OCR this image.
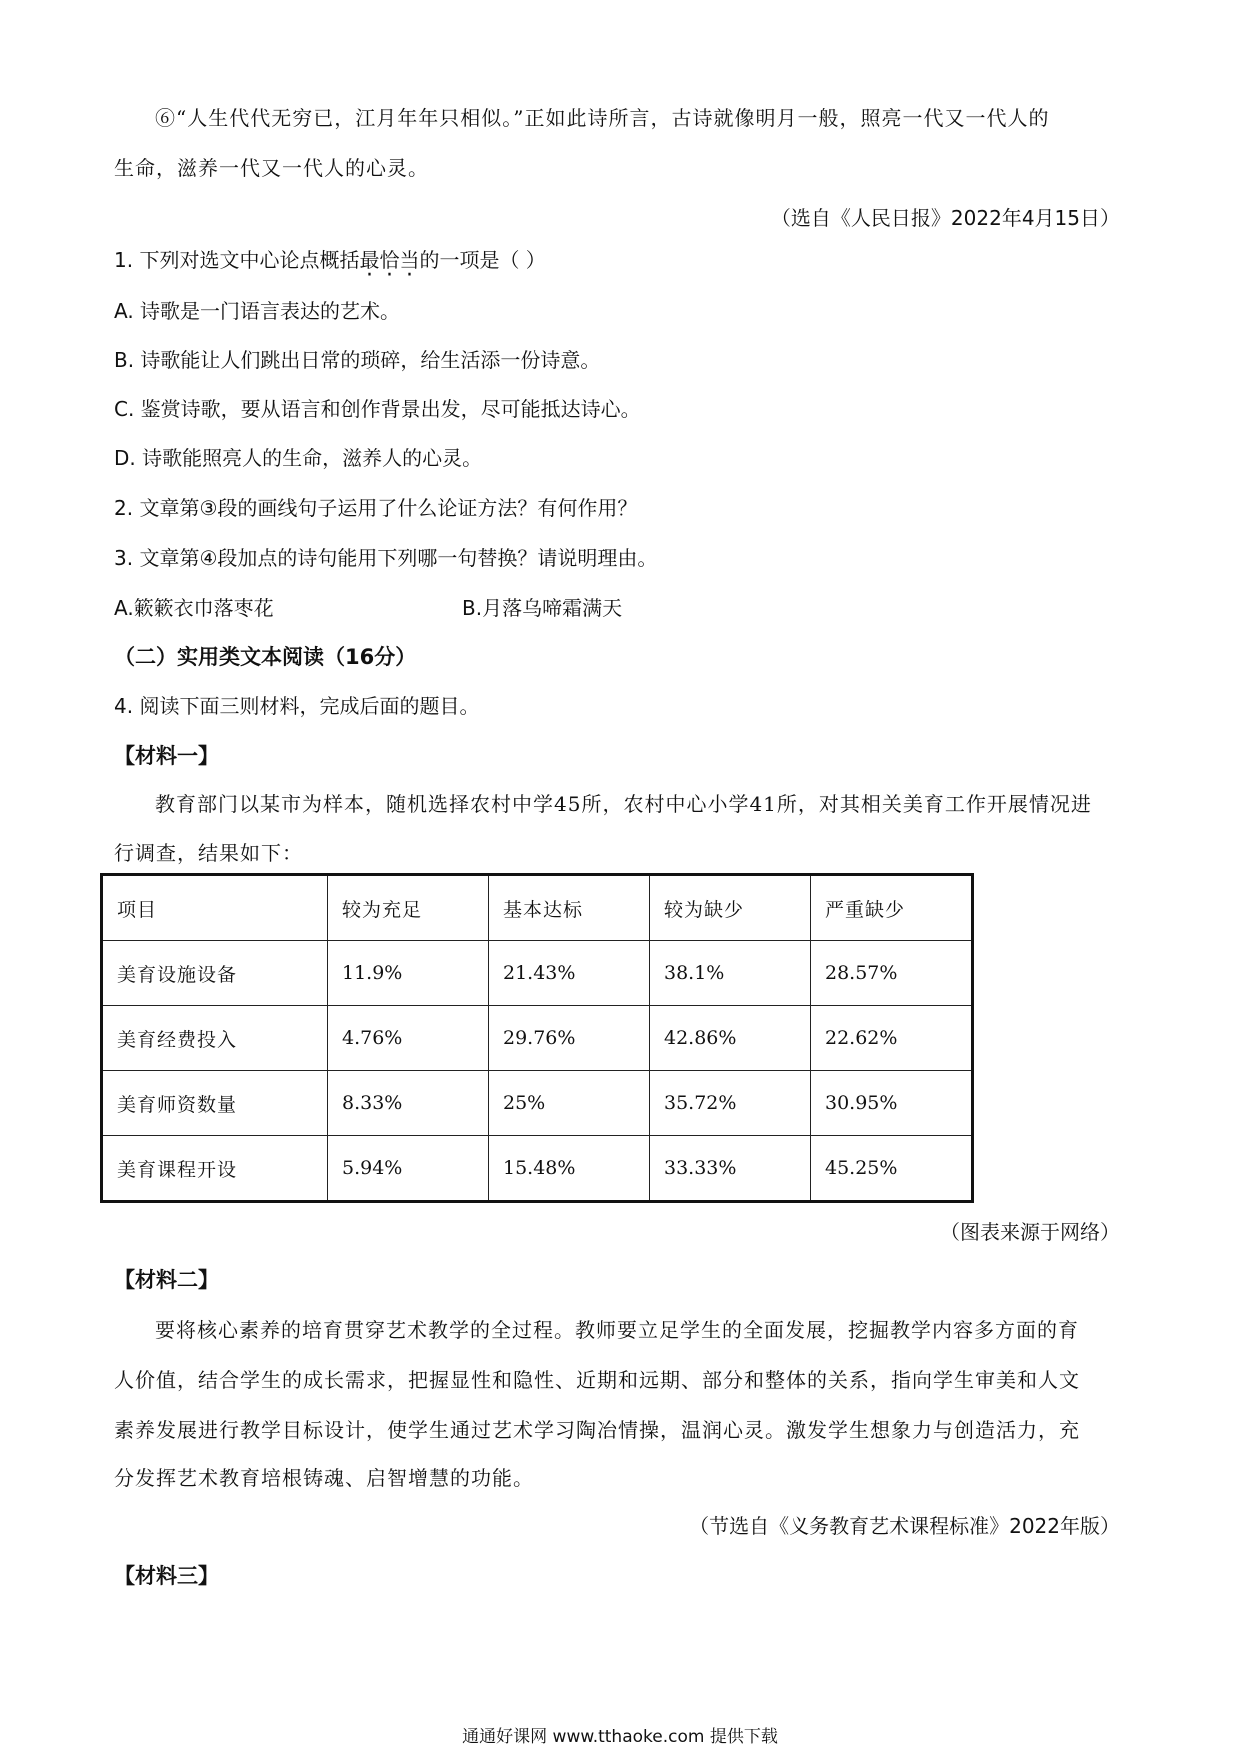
⑥“人生代代无穷已，江月年年只相似。”正如此诗所言，古诗就像明月一般，照亮一代又一代人的
生命，滋养一代又一代人的心灵。
（选自《人民日报》2022年4月15日）
1. 下列对选文中心论点概括最恰当的一项是（ ）
A. 诗歌是一门语言表达的艺术。
B. 诗歌能让人们跳出日常的琐碎，给生活添一份诗意。
C. 鉴赏诗歌，要从语言和创作背景出发，尽可能抵达诗心。
D. 诗歌能照亮人的生命，滋养人的心灵。
2. 文章第③段的画线句子运用了什么论证方法？有何作用？
3. 文章第④段加点的诗句能用下列哪一句替换？请说明理由。
A.簌簌衣巾落枣花	B.月落乌啼霜满天
（二）实用类文本阅读（16分）
4. 阅读下面三则材料，完成后面的题目。
【材料一】
教育部门以某市为样本，随机选择农村中学45所，农村中心小学41所，对其相关美育工作开展情况进
行调查，结果如下：
项目	较为充足	基本达标	较为缺少	严重缺少
美育设施设备	11.9%	21.43%	38.1%	28.57%
美育经费投入	4.76%	29.76%	42.86%	22.62%
美育师资数量	8.33%	25%	35.72%	30.95%
美育课程开设	5.94%	15.48%	33.33%	45.25%
（图表来源于网络）
【材料二】
要将核心素养的培育贯穿艺术教学的全过程。教师要立足学生的全面发展，挖掘教学内容多方面的育
人价值，结合学生的成长需求，把握显性和隐性、近期和远期、部分和整体的关系，指向学生审美和人文
素养发展进行教学目标设计，使学生通过艺术学习陶冶情操，温润心灵。激发学生想象力与创造活力，充
分发挥艺术教育培根铸魂、启智增慧的功能。
（节选自《义务教育艺术课程标准》2022年版）
【材料三】
通通好课网 www.tthaoke.com 提供下载
